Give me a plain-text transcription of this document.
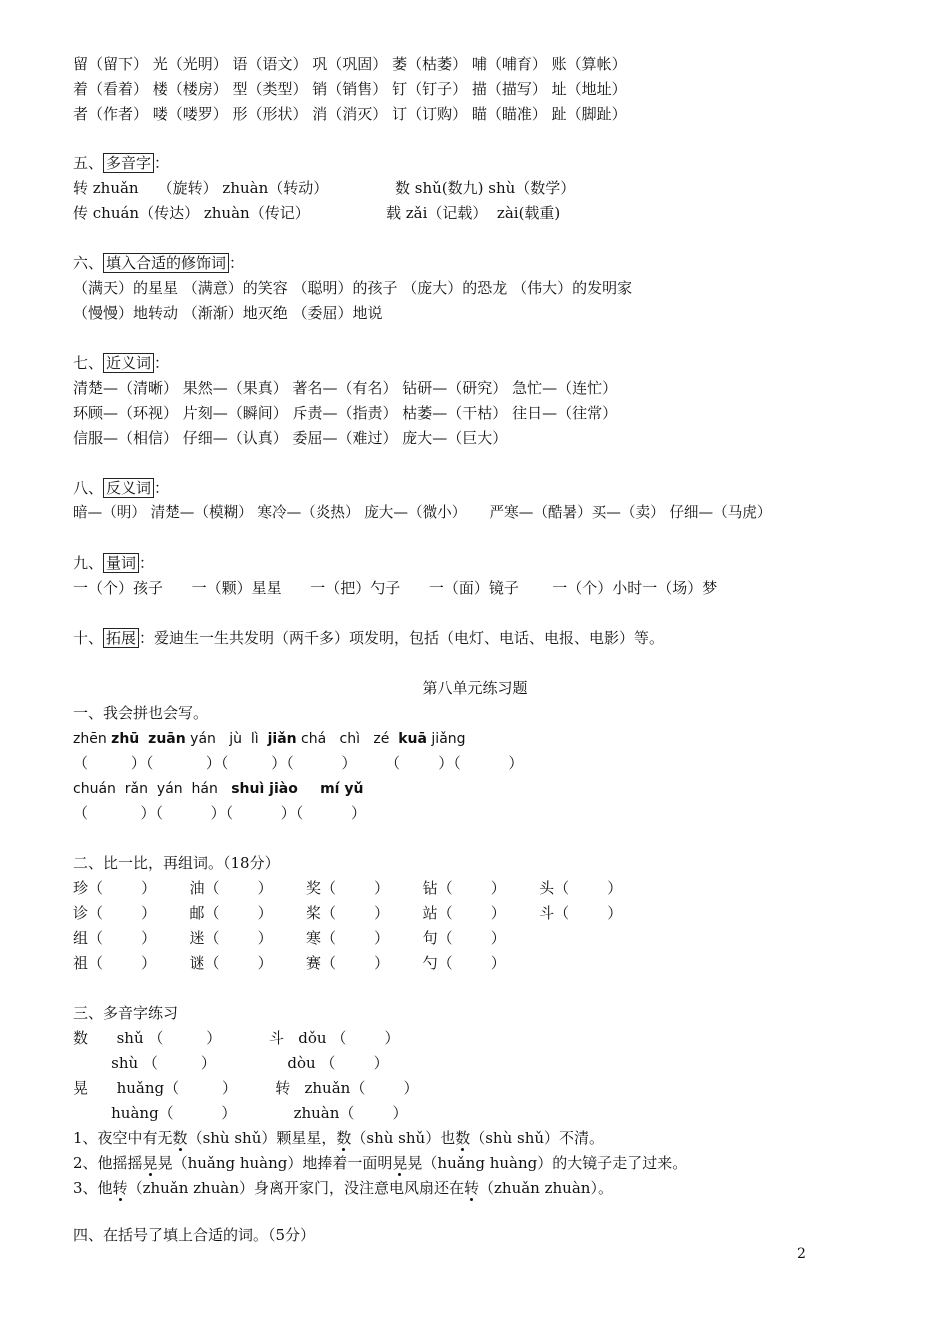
留（留下） 光（光明） 语（语文） 巩（巩固） 萎（枯萎） 哺（哺育） 账（算帐）
着（看着） 楼（楼房） 型（类型） 销（销售） 钉（钉子） 描（描写） 址（地址）
者（作者） 喽（喽罗） 形（形状） 消（消灭） 订（订购） 瞄（瞄准） 趾（脚趾）
五、 多音字 ：
转 zhuǎn    （旋转） zhuàn（转动）              数 shǔ(数九) shù（数学）
传 chuán（传达） zhuàn（传记）                载 zǎi（记载）  zài(载重)
六、 填入合适的修饰词 ：
（满天）的星星 （满意）的笑容 （聪明）的孩子 （庞大）的恐龙 （伟大）的发明家
（慢慢）地转动 （渐渐）地灭绝 （委屈）地说
七、 近义词 ：
清楚—（清晰） 果然—（果真） 著名—（有名） 钻研—（研究） 急忙—（连忙）
环顾—（环视） 片刻—（瞬间） 斥责—（指责） 枯萎—（干枯） 往日—（往常）
信服—（相信） 仔细—（认真） 委屈—（难过） 庞大—（巨大）
八、 反义词 ：
暗—（明） 清楚—（模糊） 寒冷—（炎热） 庞大—（微小）     严寒—（酷暑）买—（卖） 仔细—（马虎）
九、 量词 ：
一（个）孩子      一（颗）星星      一（把）勺子      一（面）镜子       一（个）小时一（场）梦
十、 拓展 ：爱迪生一生共发明（两千多）项发明，包括（电灯、电话、电报、电影）等。
第八单元练习题
一、我会拼也会写。
zhēn zhū zuān yán   jù  lì  jiǎn chá   chì   zé  kuā jiǎng
（         ）（           ）（         ）（          ）      （        ）（          ）
chuán  rǎn  yán  hán   shuì jiào mí yǔ
（           ）（          ）（          ）（          ）
二、比一比，再组词。（18分）
珍（        ）       油（        ）       奖（        ）       钻（        ）       头（        ）
诊（        ）       邮（        ）       桨（        ）       站（        ）       斗（        ）
组（        ）       迷（        ）       寒（        ）       句（        ）
祖（        ）       谜（        ）       赛（        ）       勺（        ）
三、多音字练习
数      shǔ （         ）          斗   dǒu （        ）
shù （         ）               dòu （        ）
晃      huǎng（         ）        转   zhuǎn（        ）
huàng（          ）            zhuàn（        ）
1、夜空中有无数（shù shǔ）颗星星，数（shù shǔ）也数（shù shǔ）不清。
2、他摇摇晃晃（huǎng huàng）地捧着一面明晃晃（huǎng huàng）的大镜子走了过来。
3、他转（zhuǎn zhuàn）身离开家门，没注意电风扇还在转（zhuǎn zhuàn）。
四、在括号了填上合适的词。（5分）
2
